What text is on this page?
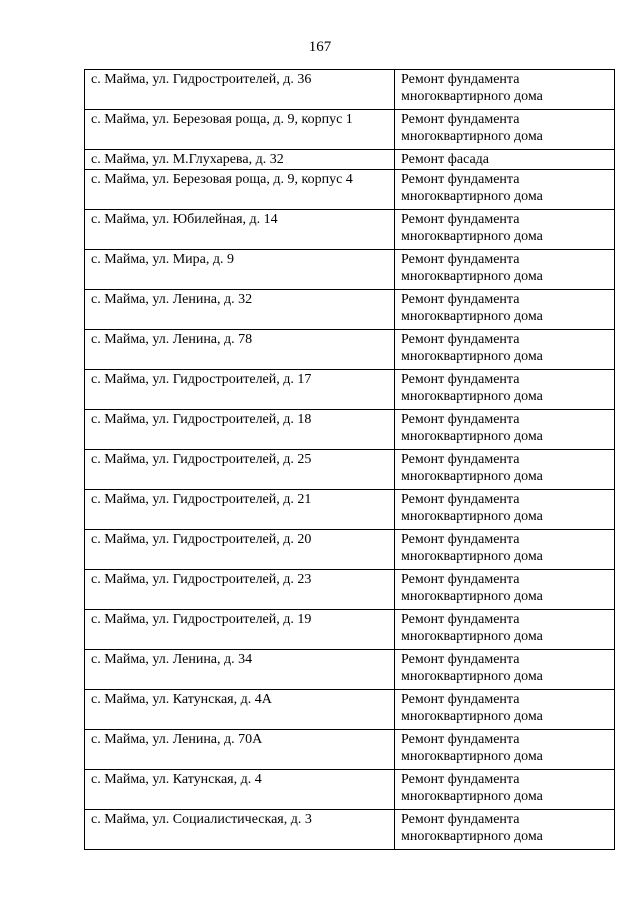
167
с. Майма, ул. Гидростроителей, д. 36	Ремонт фундамента
многоквартирного дома

с. Майма, ул. Березовая роща, д. 9, корпус 1	Ремонт фундамента
многоквартирного дома

с. Майма, ул. М.Глухарева, д. 32	Ремонт фасада

с. Майма, ул. Березовая роща, д. 9, корпус 4	Ремонт фундамента
многоквартирного дома

с. Майма, ул. Юбилейная, д. 14	Ремонт фундамента
многоквартирного дома

с. Майма, ул. Мира, д. 9	Ремонт фундамента
многоквартирного дома

с. Майма, ул. Ленина, д. 32	Ремонт фундамента
многоквартирного дома

с. Майма, ул. Ленина, д. 78	Ремонт фундамента
многоквартирного дома

с. Майма, ул. Гидростроителей, д. 17	Ремонт фундамента
многоквартирного дома

с. Майма, ул. Гидростроителей, д. 18	Ремонт фундамента
многоквартирного дома

с. Майма, ул. Гидростроителей, д. 25	Ремонт фундамента
многоквартирного дома

с. Майма, ул. Гидростроителей, д. 21	Ремонт фундамента
многоквартирного дома

с. Майма, ул. Гидростроителей, д. 20	Ремонт фундамента
многоквартирного дома

с. Майма, ул. Гидростроителей, д. 23	Ремонт фундамента
многоквартирного дома

с. Майма, ул. Гидростроителей, д. 19	Ремонт фундамента
многоквартирного дома

с. Майма, ул. Ленина, д. 34	Ремонт фундамента
многоквартирного дома

с. Майма, ул. Катунская, д. 4А	Ремонт фундамента
многоквартирного дома

с. Майма, ул. Ленина, д. 70А	Ремонт фундамента
многоквартирного дома

с. Майма, ул. Катунская, д. 4	Ремонт фундамента
многоквартирного дома

с. Майма, ул. Социалистическая, д. 3	Ремонт фундамента
многоквартирного дома
